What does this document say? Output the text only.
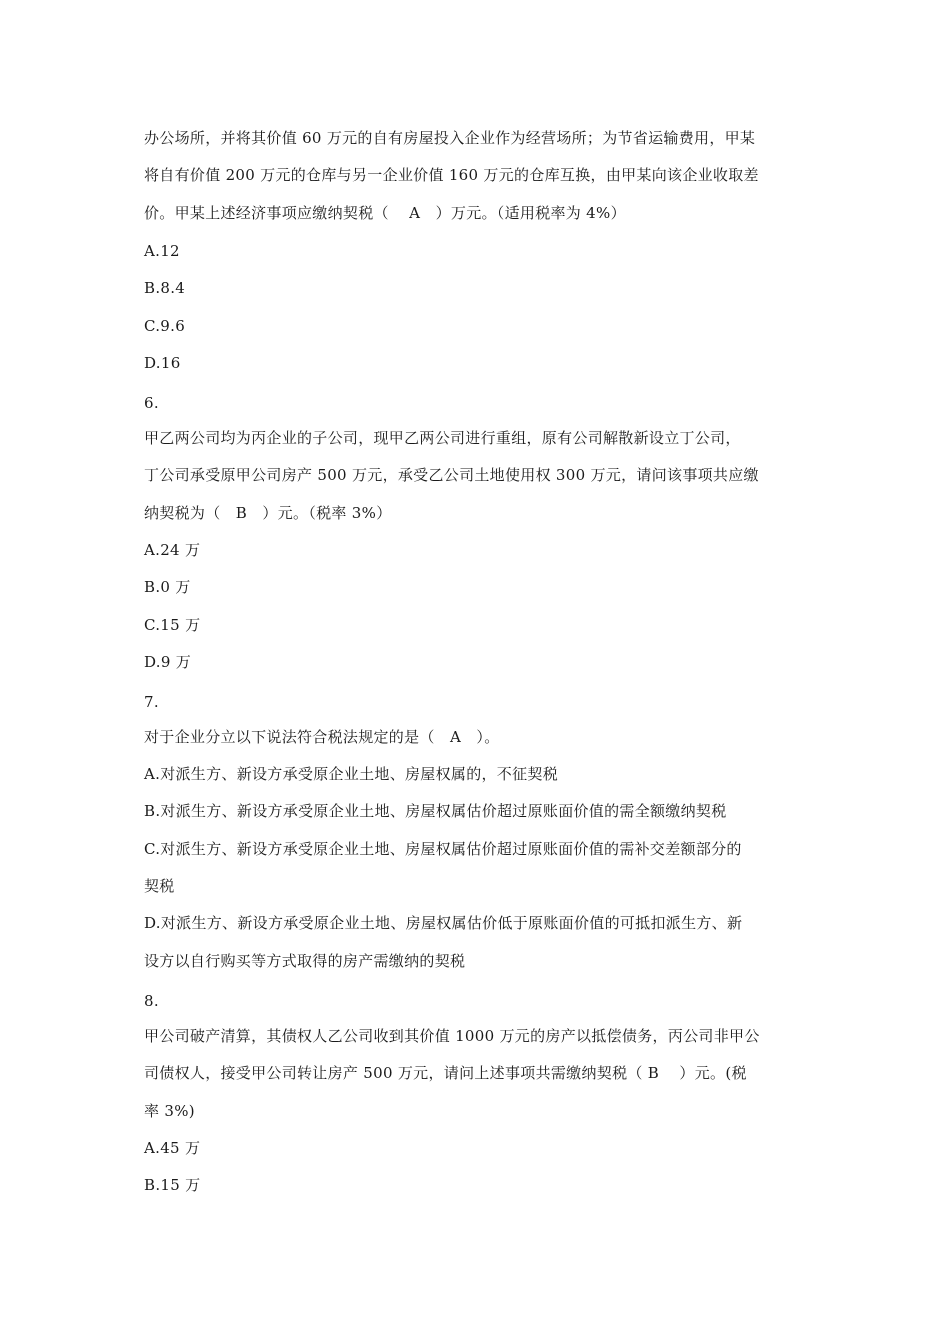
办公场所，并将其价值 60 万元的自有房屋投入企业作为经营场所；为节省运输费用，甲某
将自有价值 200 万元的仓库与另一企业价值 160 万元的仓库互换，由甲某向该企业收取差
价。甲某上述经济事项应缴纳契税（　 A　）万元。（适用税率为 4%）
A.12
B.8.4
C.9.6
D.16
6.
甲乙两公司均为丙企业的子公司，现甲乙两公司进行重组，原有公司解散新设立丁公司，
丁公司承受原甲公司房产 500 万元，承受乙公司土地使用权 300 万元，请问该事项共应缴
纳契税为（　B　）元。（税率 3%）
A.24 万
B.0 万
C.15 万
D.9 万
7.
对于企业分立以下说法符合税法规定的是（　A　）。
A.对派生方、新设方承受原企业土地、房屋权属的，不征契税
B.对派生方、新设方承受原企业土地、房屋权属估价超过原账面价值的需全额缴纳契税
C.对派生方、新设方承受原企业土地、房屋权属估价超过原账面价值的需补交差额部分的
契税
D.对派生方、新设方承受原企业土地、房屋权属估价低于原账面价值的可抵扣派生方、新
设方以自行购买等方式取得的房产需缴纳的契税
8.
甲公司破产清算，其债权人乙公司收到其价值 1000 万元的房产以抵偿债务，丙公司非甲公
司债权人，接受甲公司转让房产 500 万元，请问上述事项共需缴纳契税（ B　 ）元。(税
率 3%)
A.45 万
B.15 万
